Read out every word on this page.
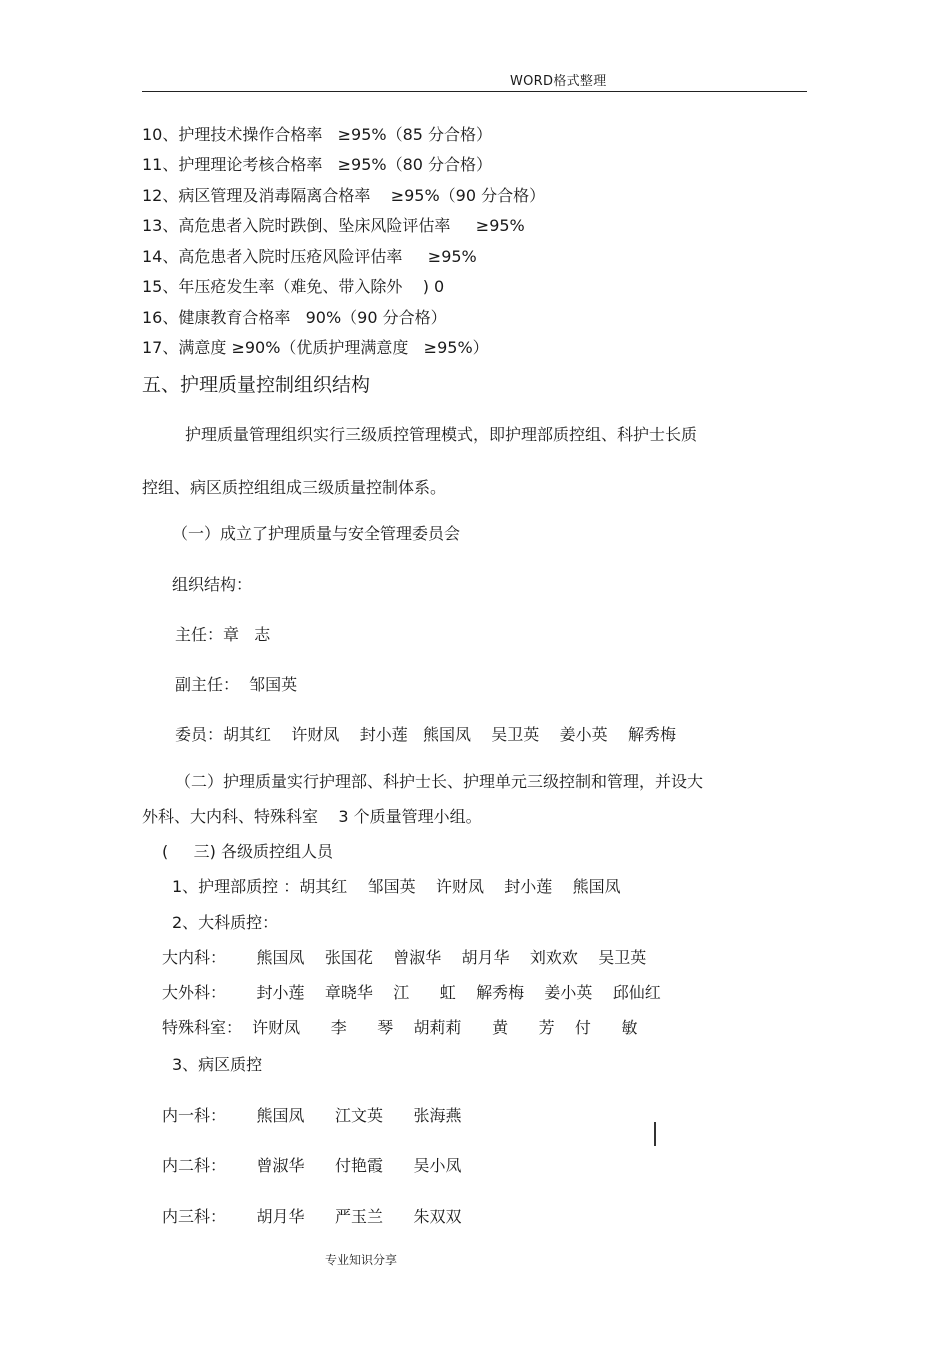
WORD格式整理
10、护理技术操作合格率   ≥95%（85 分合格）
11、护理理论考核合格率   ≥95%（80 分合格）
12、病区管理及消毒隔离合格率    ≥95%（90 分合格）
13、高危患者入院时跌倒、坠床风险评估率     ≥95%
14、高危患者入院时压疮风险评估率     ≥95%
15、年压疮发生率（难免、带入除外    ) 0
16、健康教育合格率   90%（90 分合格）
17、满意度 ≥90%（优质护理满意度   ≥95%）
五、护理质量控制组织结构
护理质量管理组织实行三级质控管理模式，即护理部质控组、科护士长质
控组、病区质控组组成三级质量控制体系。
（一）成立了护理质量与安全管理委员会
组织结构：
主任：章   志
副主任：  邹国英
委员：胡其红    许财凤    封小莲   熊国凤    吴卫英    姜小英    解秀梅
（二）护理质量实行护理部、科护士长、护理单元三级控制和管理，并设大
外科、大内科、特殊科室    3 个质量管理小组。
(     三) 各级质控组人员
1、护理部质控 ：胡其红    邹国英    许财凤    封小莲    熊国凤
2、大科质控：
大内科：      熊国凤    张国花    曾淑华    胡月华    刘欢欢    吴卫英
大外科：      封小莲    章晓华    江      虹    解秀梅    姜小英    邱仙红
特殊科室：  许财凤      李      琴    胡莉莉      黄      芳    付      敏
3、病区质控
内一科：      熊国凤      江文英      张海燕
内二科：      曾淑华      付艳霞      吴小凤
内三科：      胡月华      严玉兰      朱双双
专业知识分享
